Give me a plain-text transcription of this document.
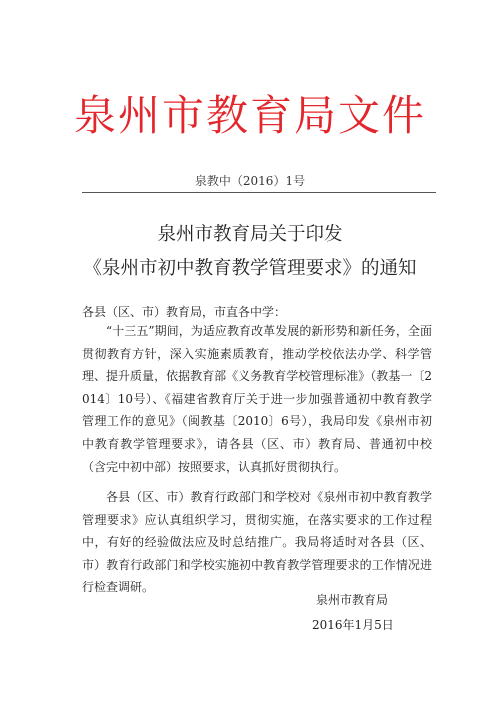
泉州市教育局文件
泉教中（2016）1号
泉州市教育局关于印发
《泉州市初中教育教学管理要求》的通知
各县（区、市）教育局，市直各中学：
“十三五”期间，为适应教育改革发展的新形势和新任务，全面贯彻教育方针，深入实施素质教育，推动学校依法办学、科学管理、提升质量，依据教育部《义务教育学校管理标准》（教基一〔2014〕10号）、《福建省教育厅关于进一步加强普通初中教育教学管理工作的意见》（闽教基〔2010〕6号），我局印发《泉州市初中教育教学管理要求》，请各县（区、市）教育局、普通初中校（含完中初中部）按照要求，认真抓好贯彻执行。
各县（区、市）教育行政部门和学校对《泉州市初中教育教学管理要求》应认真组织学习，贯彻实施，在落实要求的工作过程中，有好的经验做法应及时总结推广。我局将适时对各县（区、市）教育行政部门和学校实施初中教育教学管理要求的工作情况进行检查调研。
泉州市教育局
2016年1月5日
